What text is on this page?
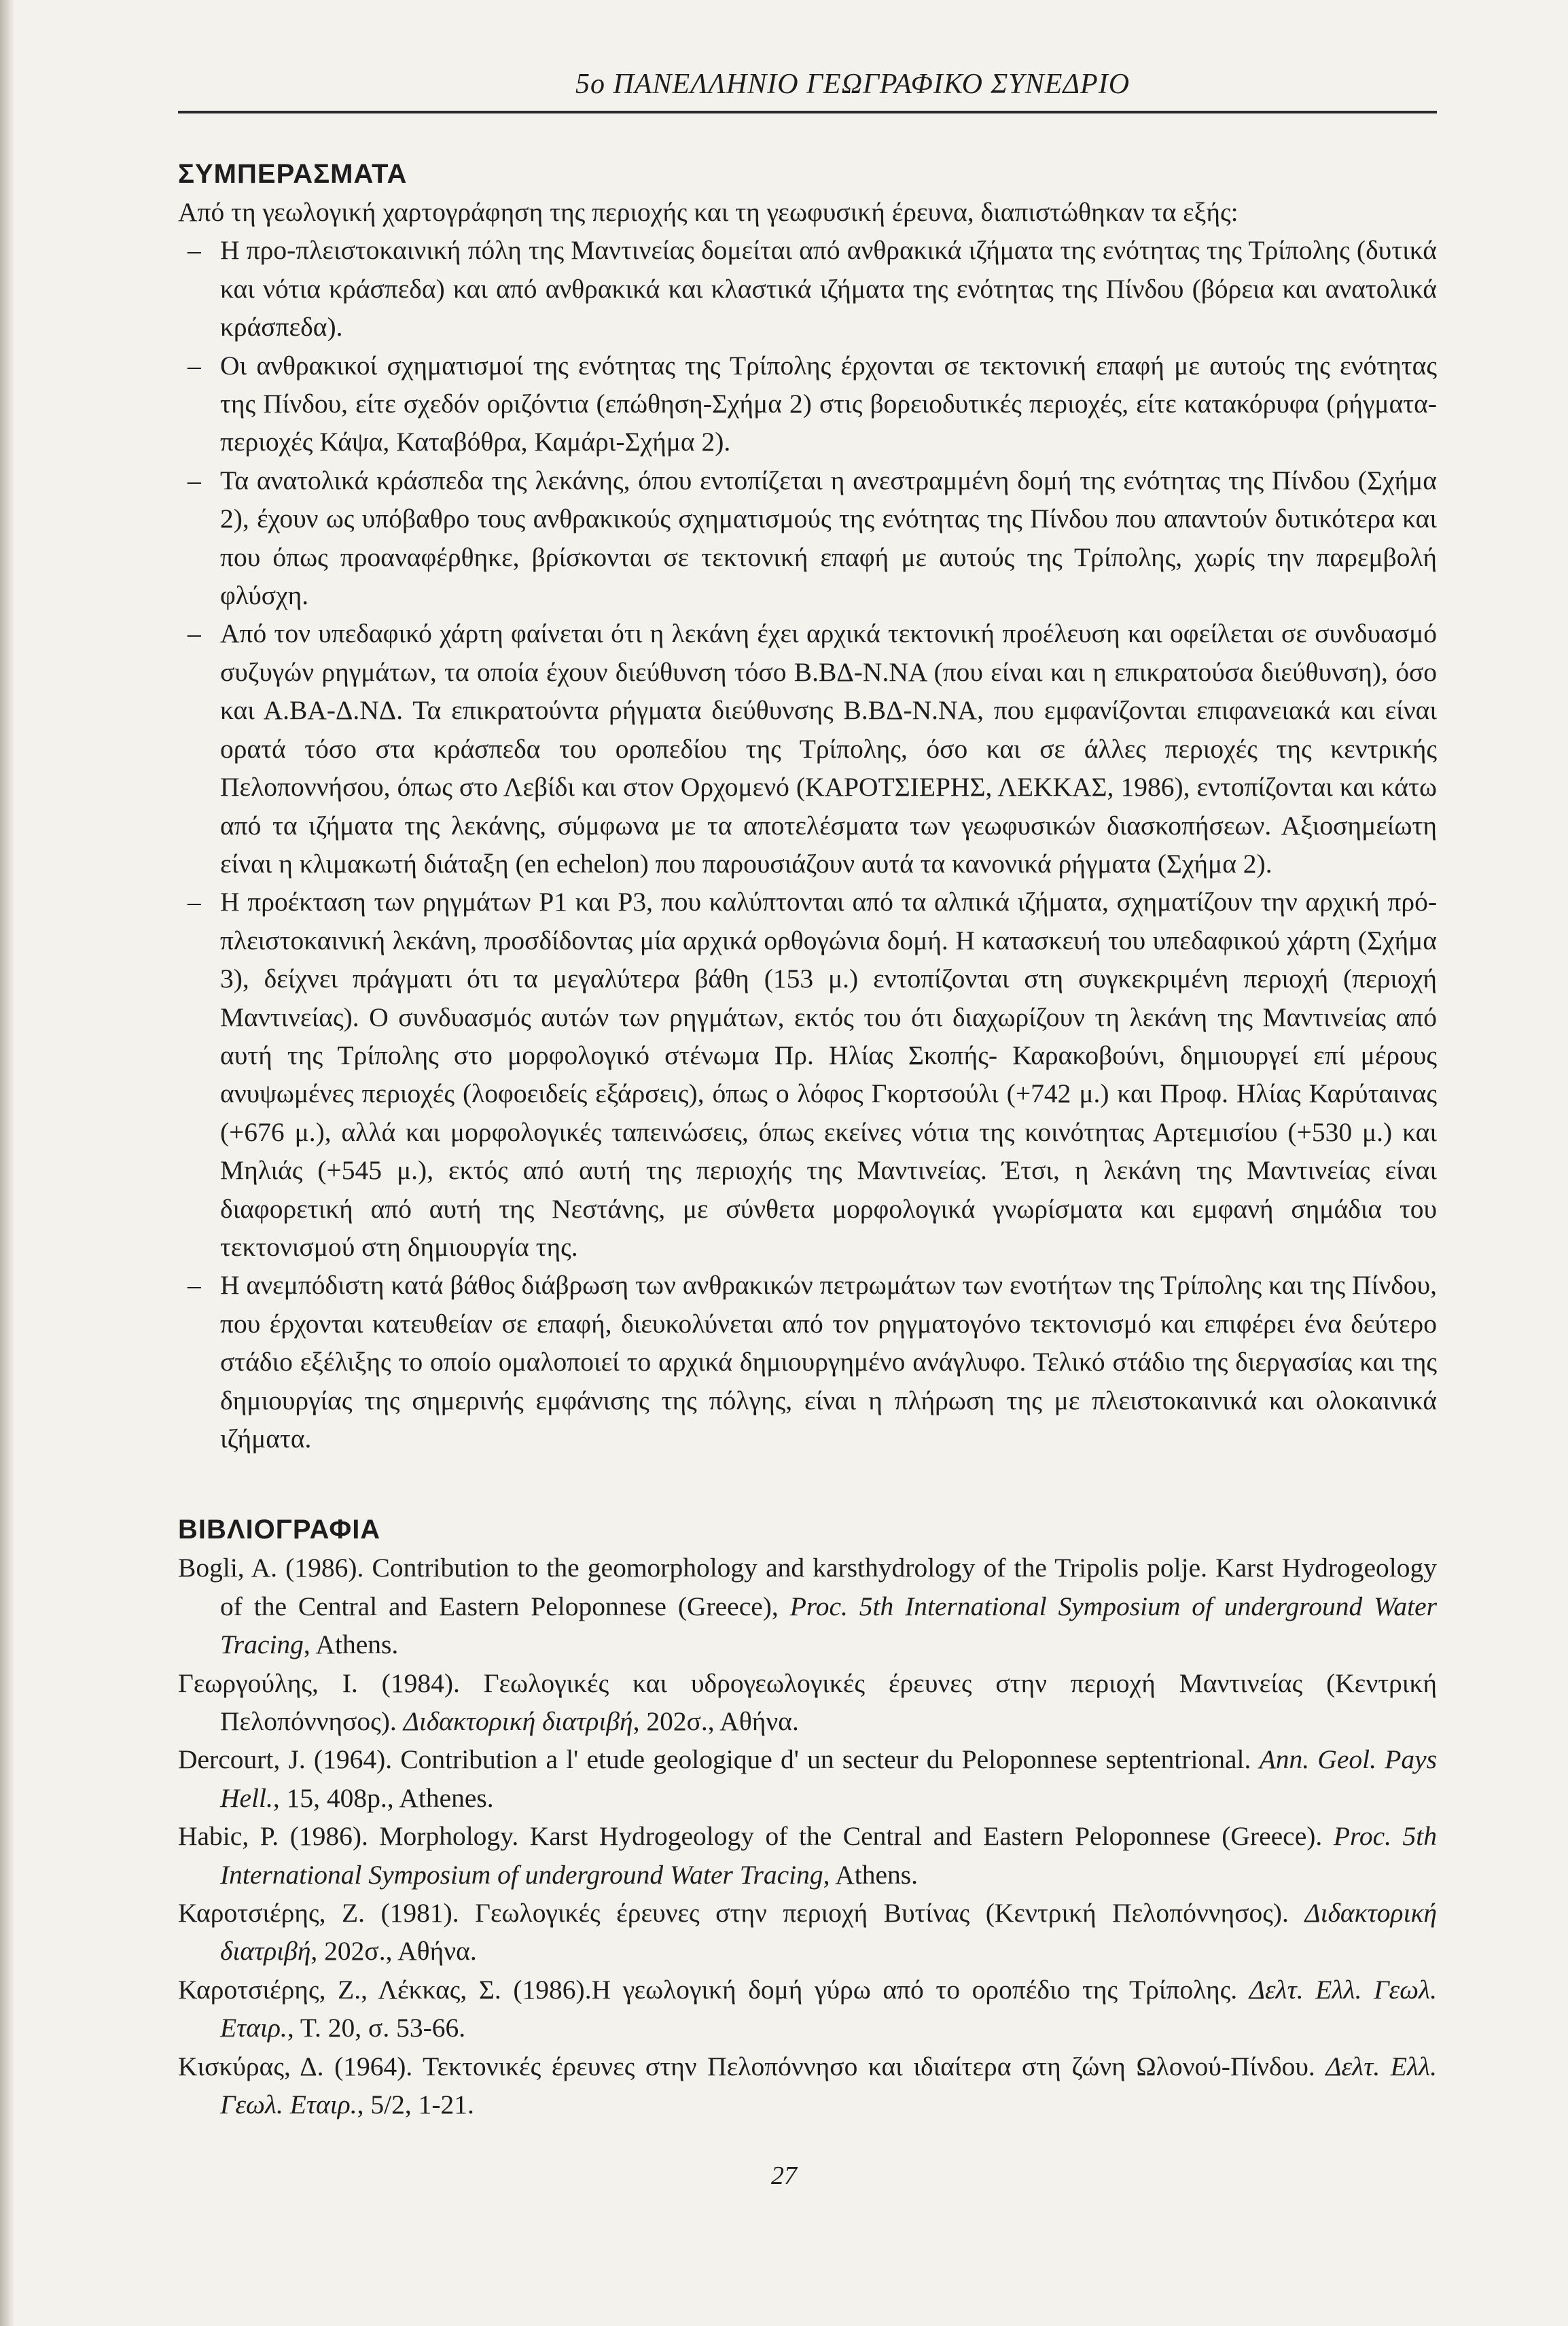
5ο ΠΑΝΕΛΛΗΝΙΟ ΓΕΩΓΡΑΦΙΚΟ ΣΥΝΕΔΡΙΟ
ΣΥΜΠΕΡΑΣΜΑΤΑ

Από τη γεωλογική χαρτογράφηση της περιοχής και τη γεωφυσική έρευνα, διαπιστώθηκαν τα εξής:

– Η προ-πλειστοκαινική πόλη της Μαντινείας δομείται από ανθρακικά ιζήματα της ενότητας της Τρίπολης (δυτικά και νότια κράσπεδα) και από ανθρακικά και κλαστικά ιζήματα της ενότητας της Πίνδου (βόρεια και ανατολικά κράσπεδα).
– Οι ανθρακικοί σχηματισμοί της ενότητας της Τρίπολης έρχονται σε τεκτονική επαφή με αυτούς της ενότητας της Πίνδου, είτε σχεδόν οριζόντια (επώθηση-Σχήμα 2) στις βορειοδυτικές περιοχές, είτε κατακόρυφα (ρήγματα-περιοχές Κάψα, Καταβόθρα, Καμάρι-Σχήμα 2).
– Τα ανατολικά κράσπεδα της λεκάνης, όπου εντοπίζεται η ανεστραμμένη δομή της ενότητας της Πίνδου (Σχήμα 2), έχουν ως υπόβαθρο τους ανθρακικούς σχηματισμούς της ενότητας της Πίνδου που απαντούν δυτικότερα και που όπως προαναφέρθηκε, βρίσκονται σε τεκτονική επαφή με αυτούς της Τρίπολης, χωρίς την παρεμβολή φλύσχη.
– Από τον υπεδαφικό χάρτη φαίνεται ότι η λεκάνη έχει αρχικά τεκτονική προέλευση και οφείλεται σε συνδυασμό συζυγών ρηγμάτων, τα οποία έχουν διεύθυνση τόσο Β.ΒΔ-Ν.ΝΑ (που είναι και η επικρατούσα διεύθυνση), όσο και Α.ΒΑ-Δ.ΝΔ. Τα επικρατούντα ρήγματα διεύθυνσης Β.ΒΔ-Ν.ΝΑ, που εμφανίζονται επιφανειακά και είναι ορατά τόσο στα κράσπεδα του οροπεδίου της Τρίπολης, όσο και σε άλλες περιοχές της κεντρικής Πελοποννήσου, όπως στο Λεβίδι και στον Ορχομενό (ΚΑΡΟΤΣΙΕΡΗΣ, ΛΕΚΚΑΣ, 1986), εντοπίζονται και κάτω από τα ιζήματα της λεκάνης, σύμφωνα με τα αποτελέσματα των γεωφυσικών διασκοπήσεων. Αξιοσημείωτη είναι η κλιμακωτή διάταξη (en echelon) που παρουσιάζουν αυτά τα κανονικά ρήγματα (Σχήμα 2).
– Η προέκταση των ρηγμάτων P1 και P3, που καλύπτονται από τα αλπικά ιζήματα, σχηματίζουν την αρχική πρό-πλειστοκαινική λεκάνη, προσδίδοντας μία αρχικά ορθογώνια δομή. Η κατασκευή του υπεδαφικού χάρτη (Σχήμα 3), δείχνει πράγματι ότι τα μεγαλύτερα βάθη (153 μ.) εντοπίζονται στη συγκεκριμένη περιοχή (περιοχή Μαντινείας). Ο συνδυασμός αυτών των ρηγμάτων, εκτός του ότι διαχωρίζουν τη λεκάνη της Μαντινείας από αυτή της Τρίπολης στο μορφολογικό στένωμα Πρ. Ηλίας Σκοπής- Καρακοβούνι, δημιουργεί επί μέρους ανυψωμένες περιοχές (λοφοειδείς εξάρσεις), όπως ο λόφος Γκορτσούλι (+742 μ.) και Προφ. Ηλίας Καρύταινας (+676 μ.), αλλά και μορφολογικές ταπεινώσεις, όπως εκείνες νότια της κοινότητας Αρτεμισίου (+530 μ.) και Μηλιάς (+545 μ.), εκτός από αυτή της περιοχής της Μαντινείας. Έτσι, η λεκάνη της Μαντινείας είναι διαφορετική από αυτή της Νεστάνης, με σύνθετα μορφολογικά γνωρίσματα και εμφανή σημάδια του τεκτονισμού στη δημιουργία της.
– Η ανεμπόδιστη κατά βάθος διάβρωση των ανθρακικών πετρωμάτων των ενοτήτων της Τρίπολης και της Πίνδου, που έρχονται κατευθείαν σε επαφή, διευκολύνεται από τον ρηγματογόνο τεκτονισμό και επιφέρει ένα δεύτερο στάδιο εξέλιξης το οποίο ομαλοποιεί το αρχικά δημιουργημένο ανάγλυφο. Τελικό στάδιο της διεργασίας και της δημιουργίας της σημερινής εμφάνισης της πόλγης, είναι η πλήρωση της με πλειστοκαινικά και ολοκαινικά ιζήματα.
ΒΙΒΛΙΟΓΡΑΦΙΑ

Bogli, A. (1986). Contribution to the geomorphology and karsthydrology of the Tripolis polje. Karst Hydrogeology of the Central and Eastern Peloponnese (Greece), Proc. 5th International Symposium of underground Water Tracing, Athens.

Γεωργούλης, Ι. (1984). Γεωλογικές και υδρογεωλογικές έρευνες στην περιοχή Μαντινείας (Κεντρική Πελοπόννησος). Διδακτορική διατριβή, 202σ., Αθήνα.

Dercourt, J. (1964). Contribution a l' etude geologique d' un secteur du Peloponnese septentrional. Ann. Geol. Pays Hell., 15, 408p., Athenes.

Habic, P. (1986). Morphology. Karst Hydrogeology of the Central and Eastern Peloponnese (Greece). Proc. 5th International Symposium of underground Water Tracing, Athens.

Καροτσιέρης, Ζ. (1981). Γεωλογικές έρευνες στην περιοχή Βυτίνας (Κεντρική Πελοπόννησος). Διδακτορική διατριβή, 202σ., Αθήνα.

Καροτσιέρης, Ζ., Λέκκας, Σ. (1986).Η γεωλογική δομή γύρω από το οροπέδιο της Τρίπολης. Δελτ. Ελλ. Γεωλ. Εταιρ., Τ. 20, σ. 53-66.

Κισκύρας, Δ. (1964). Τεκτονικές έρευνες στην Πελοπόννησο και ιδιαίτερα στη ζώνη Ωλονού-Πίνδου. Δελτ. Ελλ. Γεωλ. Εταιρ., 5/2, 1-21.

27
